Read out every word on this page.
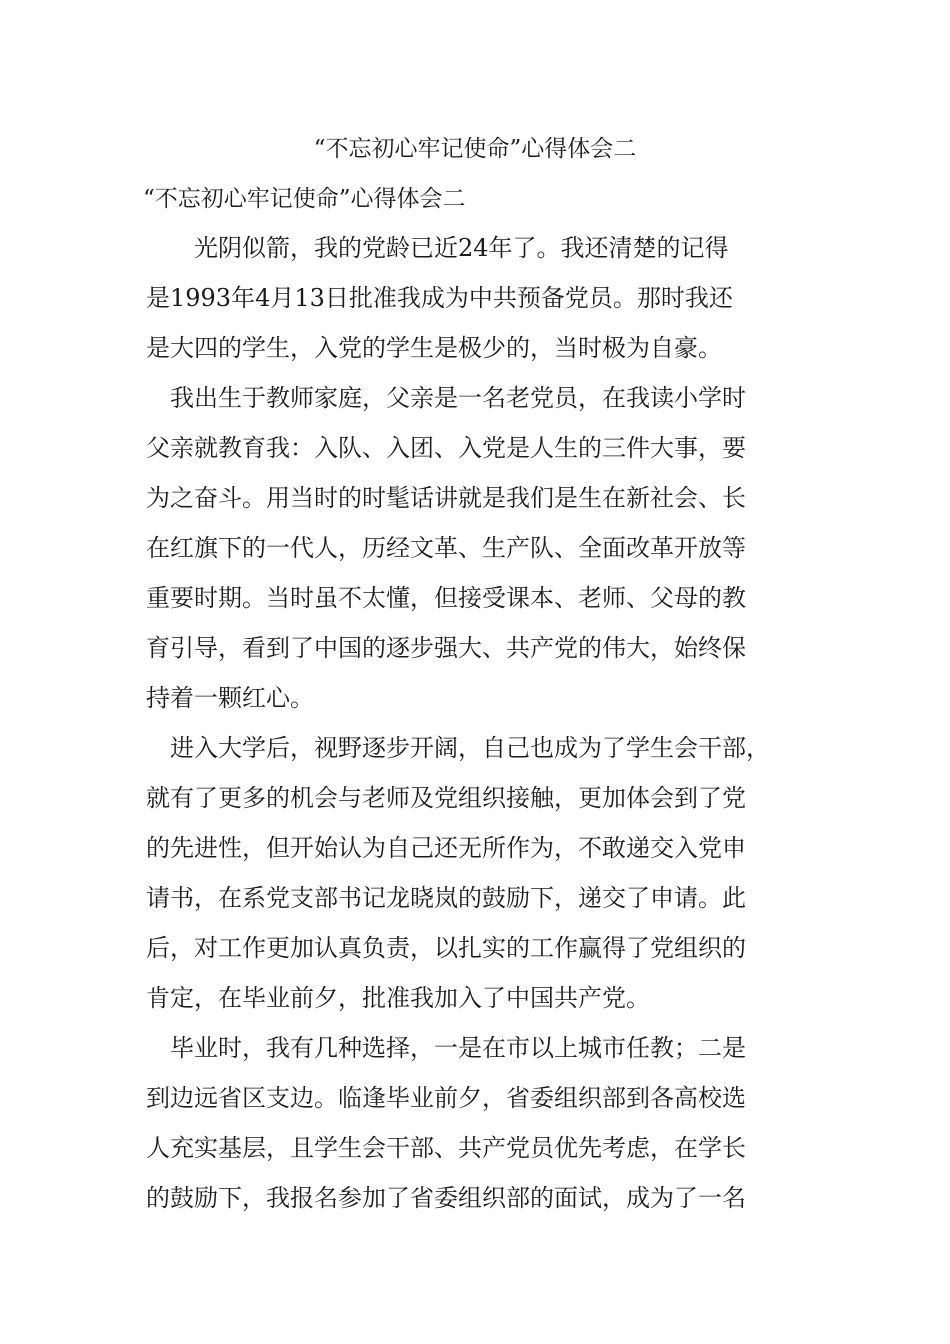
“不忘初心牢记使命”心得体会二
“不忘初心牢记使命”心得体会二

　　光阴似箭，我的党龄已近24年了。我还清楚的记得

是1993年4月13日批准我成为中共预备党员。那时我还

是大四的学生，入党的学生是极少的，当时极为自豪。

　我出生于教师家庭，父亲是一名老党员，在我读小学时

父亲就教育我：入队、入团、入党是人生的三件大事，要

为之奋斗。用当时的时髦话讲就是我们是生在新社会、长

在红旗下的一代人，历经文革、生产队、全面改革开放等

重要时期。当时虽不太懂，但接受课本、老师、父母的教

育引导，看到了中国的逐步强大、共产党的伟大，始终保

持着一颗红心。

　进入大学后，视野逐步开阔，自己也成为了学生会干部，

就有了更多的机会与老师及党组织接触，更加体会到了党

的先进性，但开始认为自己还无所作为，不敢递交入党申

请书，在系党支部书记龙晓岚的鼓励下，递交了申请。此

后，对工作更加认真负责，以扎实的工作赢得了党组织的

肯定，在毕业前夕，批准我加入了中国共产党。

　毕业时，我有几种选择，一是在市以上城市任教；二是

到边远省区支边。临逢毕业前夕，省委组织部到各高校选

人充实基层，且学生会干部、共产党员优先考虑，在学长

的鼓励下，我报名参加了省委组织部的面试，成为了一名
